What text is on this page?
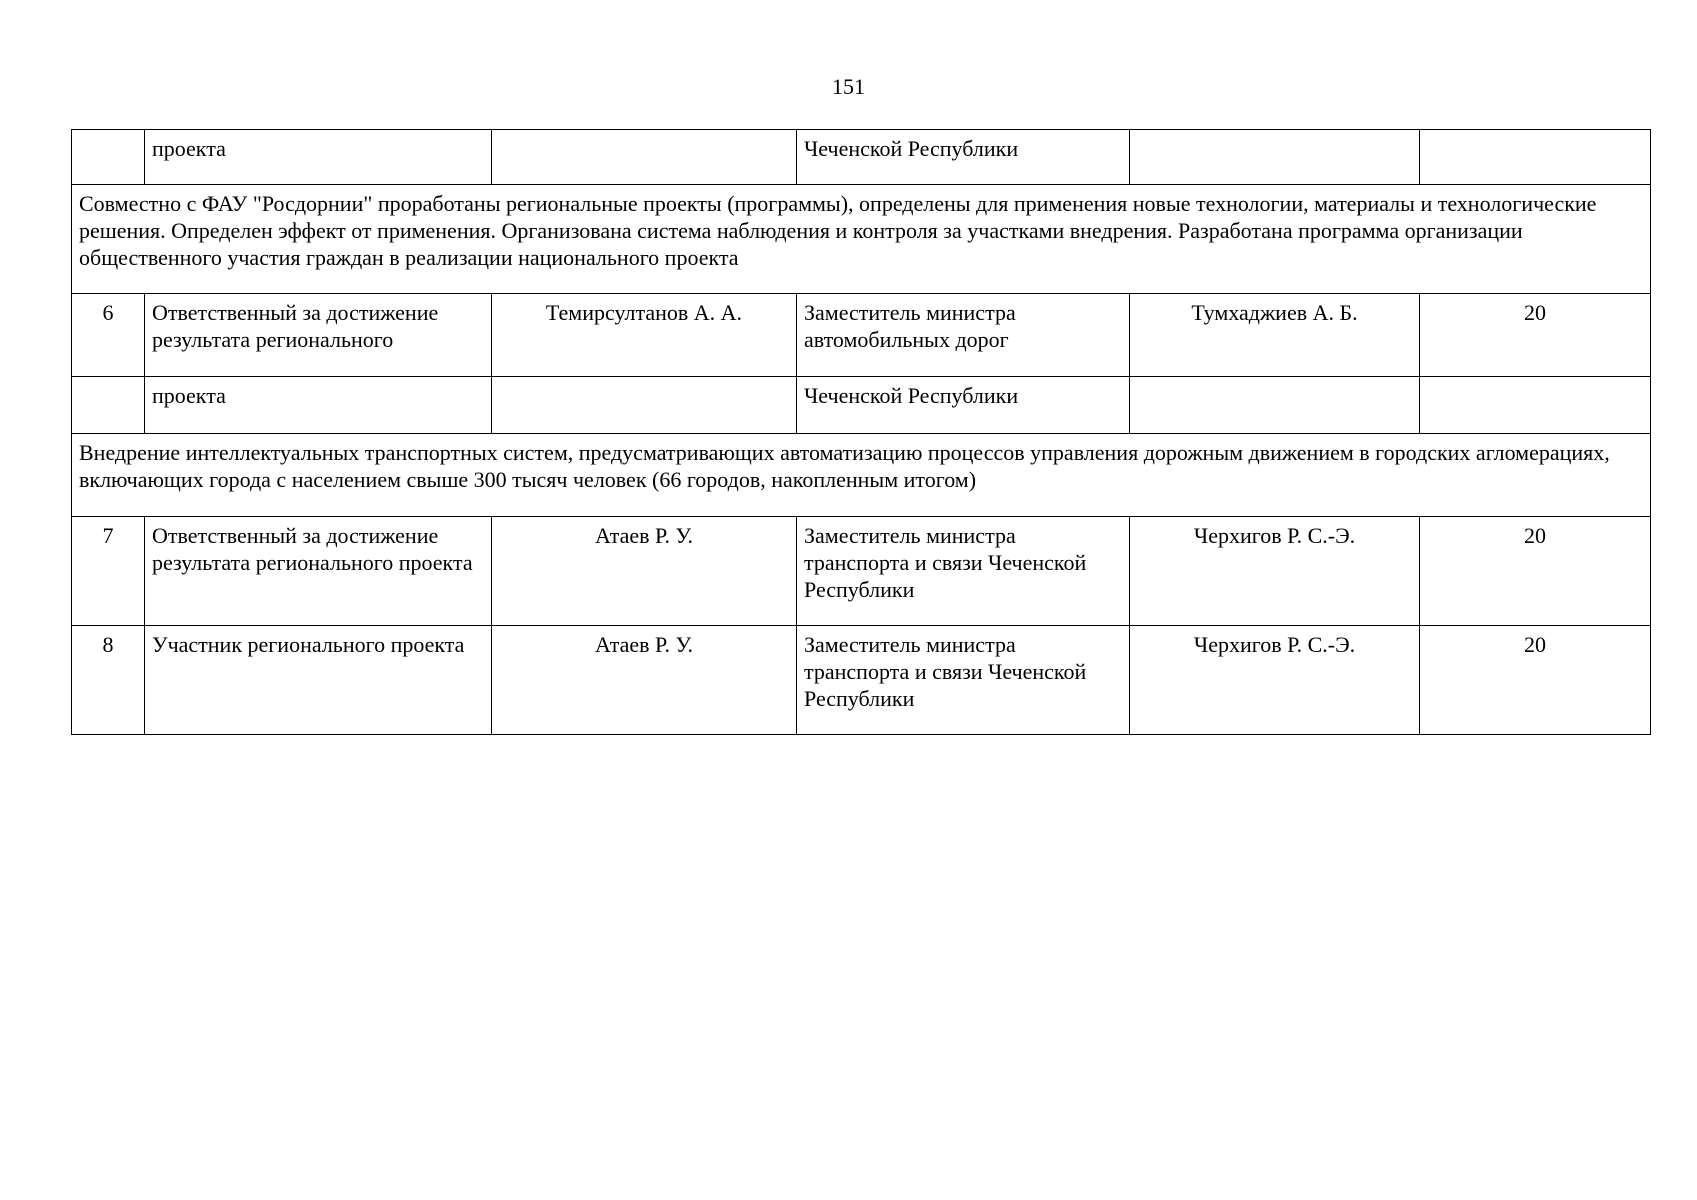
151

	проекта		Чеченской Республики		

Совместно с ФАУ "Росдорнии" проработаны региональные проекты (программы), определены для применения новые технологии, материалы и технологические решения. Определен эффект от применения. Организована система наблюдения и контроля за участками внедрения. Разработана программа организации общественного участия граждан в реализации национального проекта					

6	Ответственный за достижение результата регионального	Темирсултанов А. А.	Заместитель министра автомобильных дорог	Тумхаджиев А. Б.	20

	проекта		Чеченской Республики		

Внедрение интеллектуальных транспортных систем, предусматривающих автоматизацию процессов управления дорожным движением в городских агломерациях, включающих города с населением свыше 300 тысяч человек (66 городов, накопленным итогом)					

7	Ответственный за достижение результата регионального проекта	Атаев Р. У.	Заместитель министра транспорта и связи Чеченской Республики	Черхигов Р. С.-Э.	20

8	Участник регионального проекта	Атаев Р. У.	Заместитель министра транспорта и связи Чеченской Республики	Черхигов Р. С.-Э.	20
